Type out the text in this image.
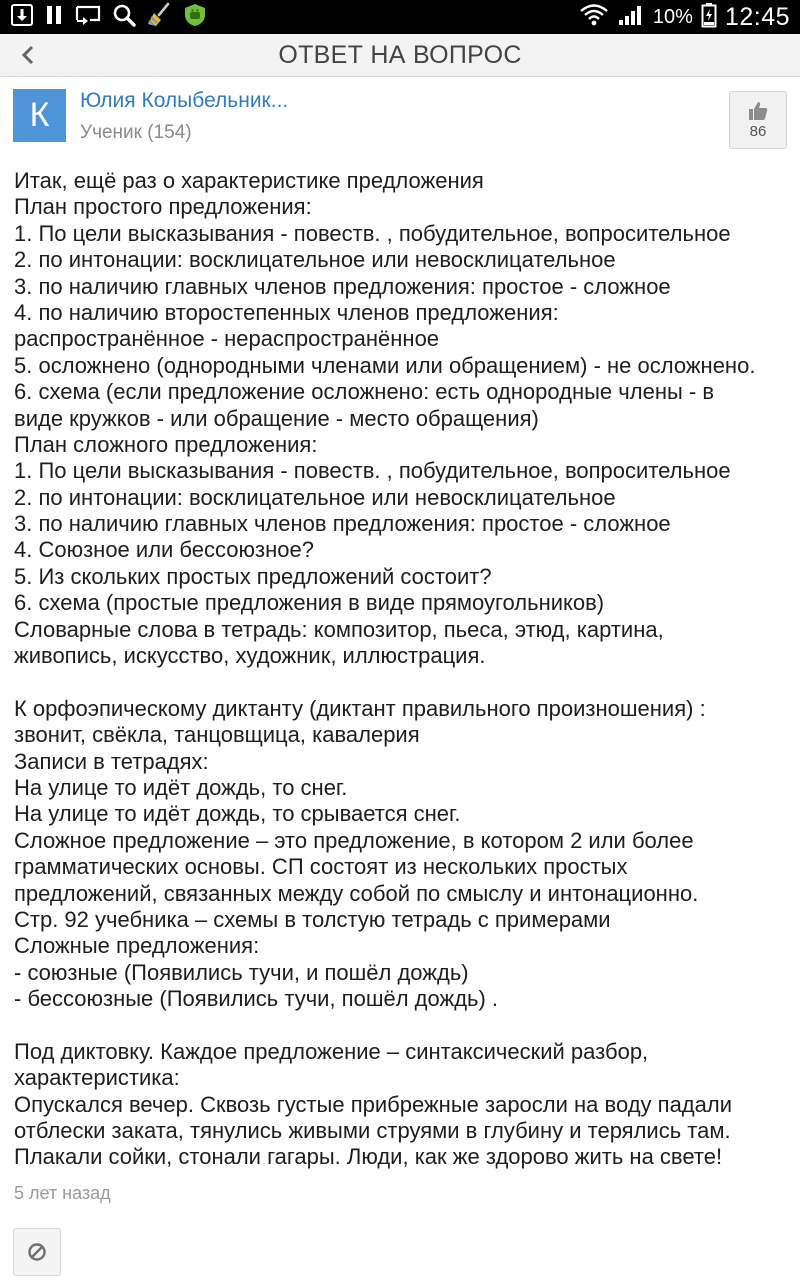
10% 12:45
ОТВЕТ НА ВОПРОС
К	Юлия Колыбельник...
Ученик (154)	86
Итак, ещё раз о характеристике предложения
План простого предложения:
1. По цели высказывания - повеств. , побудительное, вопросительное
2. по интонации: восклицательное или невосклицательное
3. по наличию главных членов предложения: простое - сложное
4. по наличию второстепенных членов предложения:
распространённое - нераспространённое
5. осложнено (однородными членами или обращением) - не осложнено.
6. схема (если предложение осложнено: есть однородные члены - в
виде кружков - или обращение - место обращения)
План сложного предложения:
1. По цели высказывания - повеств. , побудительное, вопросительное
2. по интонации: восклицательное или невосклицательное
3. по наличию главных членов предложения: простое - сложное
4. Союзное или бессоюзное?
5. Из скольких простых предложений состоит?
6. схема (простые предложения в виде прямоугольников)
Словарные слова в тетрадь: композитор, пьеса, этюд, картина,
живопись, искусство, художник, иллюстрация.
К орфоэпическому диктанту (диктант правильного произношения) :
звонит, свёкла, танцовщица, кавалерия
Записи в тетрадях:
На улице то идёт дождь, то снег.
На улице то идёт дождь, то срывается снег.
Сложное предложение – это предложение, в котором 2 или более
грамматических основы. СП состоят из нескольких простых
предложений, связанных между собой по смыслу и интонационно.
Стр. 92 учебника – схемы в толстую тетрадь с примерами
Сложные предложения:
- союзные (Появились тучи, и пошёл дождь)
- бессоюзные (Появились тучи, пошёл дождь) .
Под диктовку. Каждое предложение – синтаксический разбор,
характеристика:
Опускался вечер. Сквозь густые прибрежные заросли на воду падали
отблески заката, тянулись живыми струями в глубину и терялись там.
Плакали сойки, стонали гагары. Люди, как же здорово жить на свете!
5 лет назад
